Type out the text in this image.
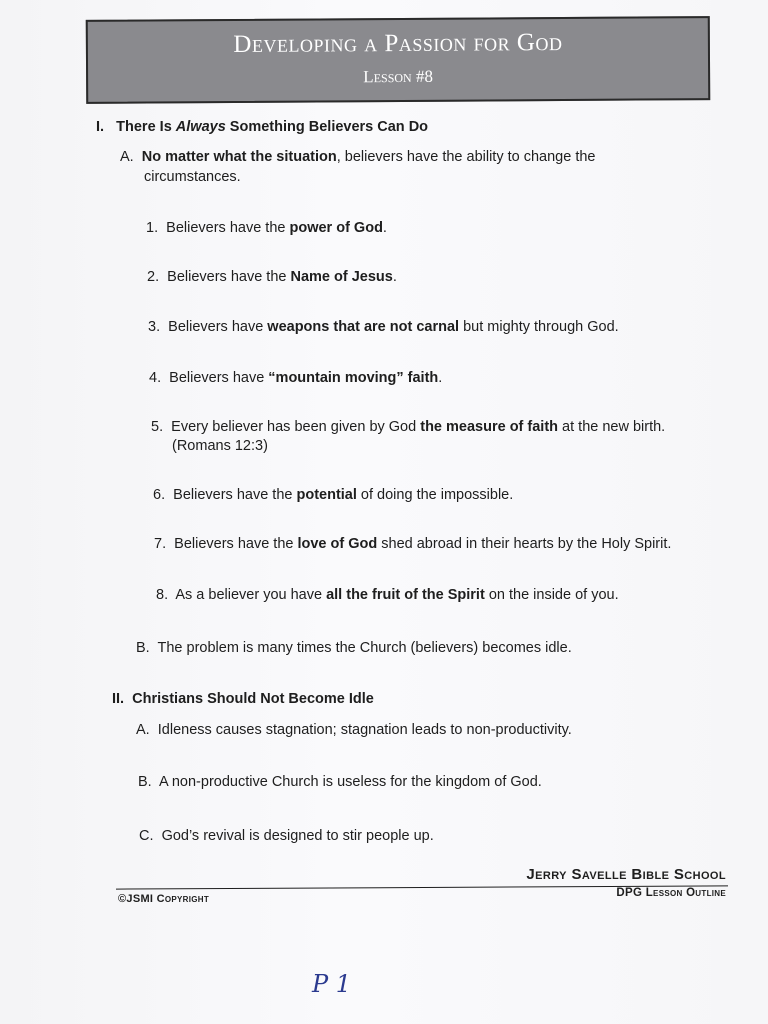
Developing a Passion for God
Lesson #8
I. There Is Always Something Believers Can Do
A. No matter what the situation, believers have the ability to change the
circumstances.
1. Believers have the power of God.
2. Believers have the Name of Jesus.
3. Believers have weapons that are not carnal but mighty through God.
4. Believers have “mountain moving” faith.
5. Every believer has been given by God the measure of faith at the new birth.
(Romans 12:3)
6. Believers have the potential of doing the impossible.
7. Believers have the love of God shed abroad in their hearts by the Holy Spirit.
8. As a believer you have all the fruit of the Spirit on the inside of you.
B. The problem is many times the Church (believers) becomes idle.
II. Christians Should Not Become Idle
A. Idleness causes stagnation; stagnation leads to non-productivity.
B. A non-productive Church is useless for the kingdom of God.
C. God’s revival is designed to stir people up.
Jerry Savelle Bible School
DPG Lesson Outline
©JSMI Copyright
P 1
